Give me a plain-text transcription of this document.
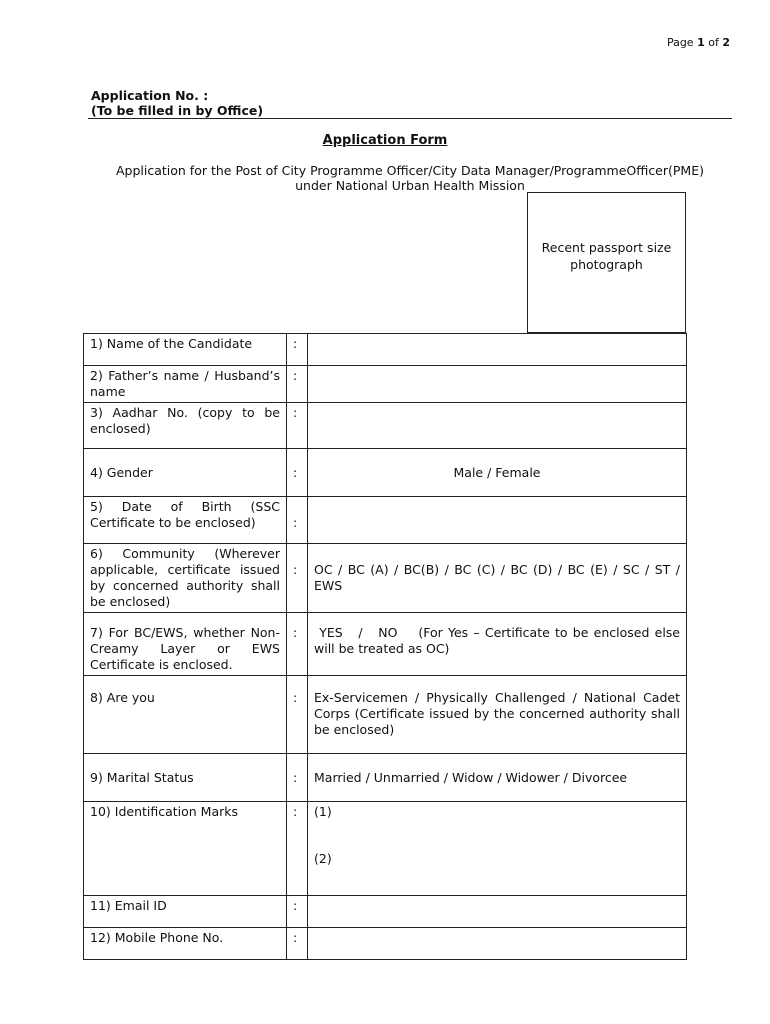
Page 1 of 2
Application No. :
(To be filled in by Office)
Application Form
Application for the Post of City Programme Officer/City Data Manager/ProgrammeOfficer(PME)
under National Urban Health Mission
Recent passport size
photograph
1) Name of the Candidate	:	
2) Father’s name / Husband’s name	:	
3) Aadhar No. (copy to be enclosed)	:	
4) Gender	:	Male / Female
5) Date of Birth (SSC Certificate to be enclosed)	:	
6) Community (Wherever applicable, certificate issued by concerned authority shall be enclosed)	:	OC / BC (A) / BC(B) / BC (C) / BC (D) / BC (E) / SC / ST / EWS
7) For BC/EWS, whether Non-Creamy Layer or EWS Certificate is enclosed.	:	YES   /   NO    (For Yes – Certificate to be enclosed else will be treated as OC)
8) Are you	:	Ex-Servicemen / Physically Challenged / National Cadet Corps (Certificate issued by the concerned authority shall be enclosed)
9) Marital Status	:	Married / Unmarried / Widow / Widower / Divorcee
10) Identification Marks	:	(1)
(2)

11) Email ID	:	
12) Mobile Phone No.	:	
